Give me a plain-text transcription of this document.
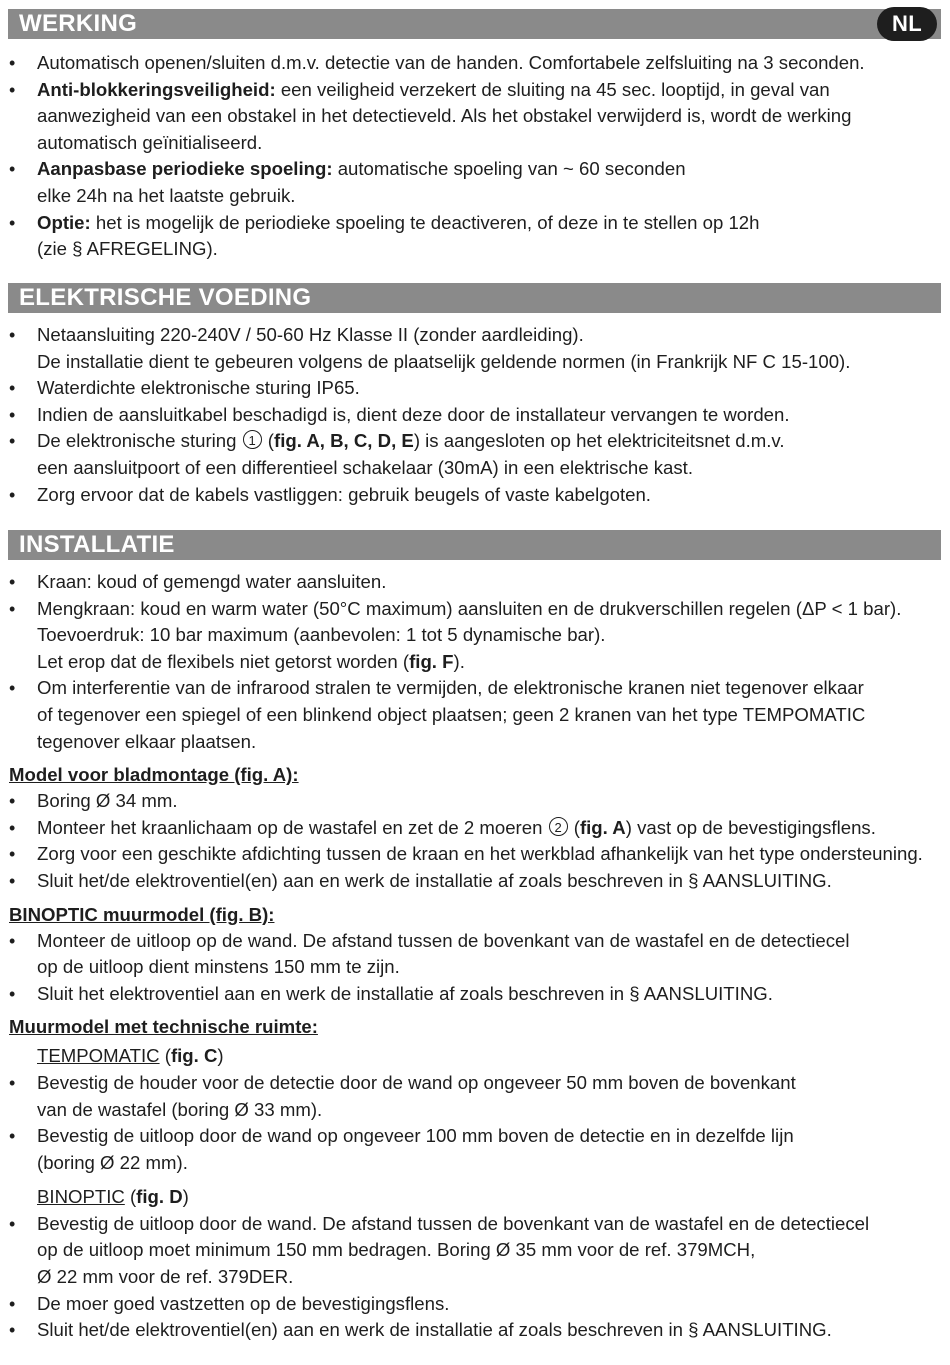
WERKING	NL
• Automatisch openen/sluiten d.m.v. detectie van de handen. Comfortabele zelfsluiting na 3 seconden.
• Anti-blokkeringsveiligheid: een veiligheid verzekert de sluiting na 45 sec. looptijd, in geval van
aanwezigheid van een obstakel in het detectieveld. Als het obstakel verwijderd is, wordt de werking
automatisch geïnitialiseerd.
• Aanpasbase periodieke spoeling: automatische spoeling van ~ 60 seconden
elke 24h na het laatste gebruik.
• Optie: het is mogelijk de periodieke spoeling te deactiveren, of deze in te stellen op 12h
(zie § AFREGELING).
ELEKTRISCHE VOEDING
• Netaansluiting 220-240V / 50-60 Hz Klasse II (zonder aardleiding).
De installatie dient te gebeuren volgens de plaatselijk geldende normen (in Frankrijk NF C 15-100).
• Waterdichte elektronische sturing IP65.
• Indien de aansluitkabel beschadigd is, dient deze door de installateur vervangen te worden.
• De elektronische sturing 1 (fig. A, B, C, D, E) is aangesloten op het elektriciteitsnet d.m.v.
een aansluitpoort of een differentieel schakelaar (30mA) in een elektrische kast.
• Zorg ervoor dat de kabels vastliggen: gebruik beugels of vaste kabelgoten.
INSTALLATIE
• Kraan: koud of gemengd water aansluiten.
• Mengkraan: koud en warm water (50°C maximum) aansluiten en de drukverschillen regelen (ΔP < 1 bar).
Toevoerdruk: 10 bar maximum (aanbevolen: 1 tot 5 dynamische bar).
Let erop dat de flexibels niet getorst worden (fig. F).
• Om interferentie van de infrarood stralen te vermijden, de elektronische kranen niet tegenover elkaar
of tegenover een spiegel of een blinkend object plaatsen; geen 2 kranen van het type TEMPOMATIC
tegenover elkaar plaatsen.
Model voor bladmontage (fig. A):
• Boring Ø 34 mm.
• Monteer het kraanlichaam op de wastafel en zet de 2 moeren 2 (fig. A) vast op de bevestigingsflens.
• Zorg voor een geschikte afdichting tussen de kraan en het werkblad afhankelijk van het type ondersteuning.
• Sluit het/de elektroventiel(en) aan en werk de installatie af zoals beschreven in § AANSLUITING.
BINOPTIC muurmodel (fig. B):
• Monteer de uitloop op de wand. De afstand tussen de bovenkant van de wastafel en de detectiecel
op de uitloop dient minstens 150 mm te zijn.
• Sluit het elektroventiel aan en werk de installatie af zoals beschreven in § AANSLUITING.
Muurmodel met technische ruimte:
TEMPOMATIC (fig. C)
• Bevestig de houder voor de detectie door de wand op ongeveer 50 mm boven de bovenkant
van de wastafel (boring Ø 33 mm).
• Bevestig de uitloop door de wand op ongeveer 100 mm boven de detectie en in dezelfde lijn
(boring Ø 22 mm).
BINOPTIC (fig. D)
• Bevestig de uitloop door de wand. De afstand tussen de bovenkant van de wastafel en de detectiecel
op de uitloop moet minimum 150 mm bedragen. Boring Ø 35 mm voor de ref. 379MCH,
Ø 22 mm voor de ref. 379DER.
• De moer goed vastzetten op de bevestigingsflens.
• Sluit het/de elektroventiel(en) aan en werk de installatie af zoals beschreven in § AANSLUITING.
